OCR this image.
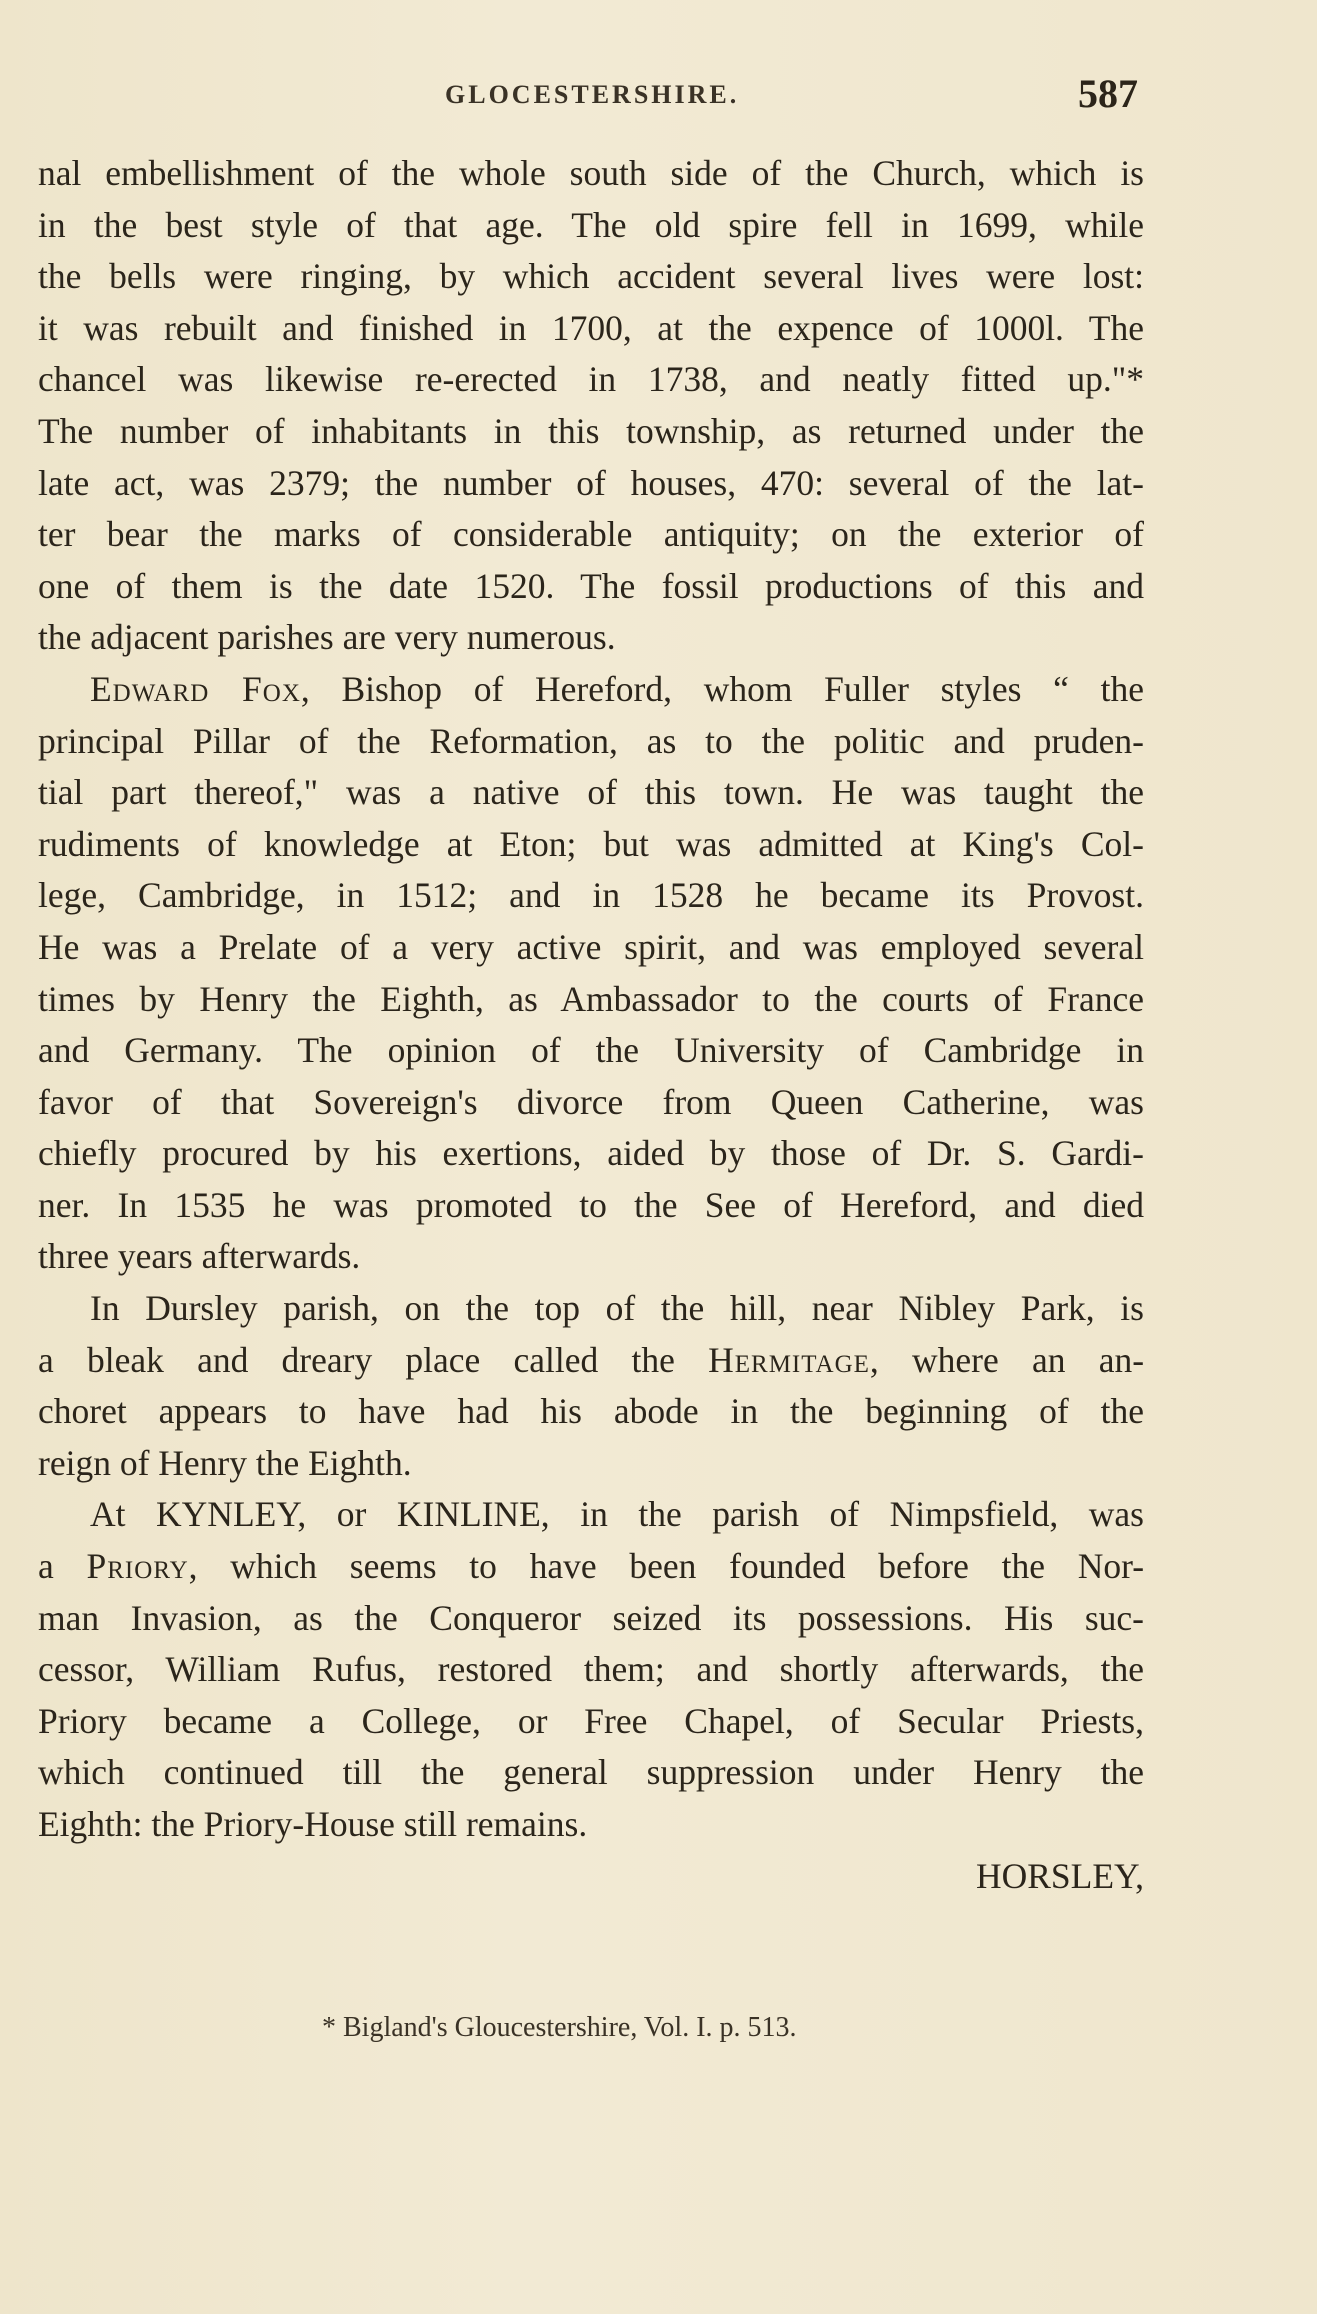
GLOCESTERSHIRE.	587
nal embellishment of the whole south side of the Church, which is
in the best style of that age. The old spire fell in 1699, while
the bells were ringing, by which accident several lives were lost:
it was rebuilt and finished in 1700, at the expence of 1000l. The
chancel was likewise re-erected in 1738, and neatly fitted up."*
The number of inhabitants in this township, as returned under the
late act, was 2379; the number of houses, 470: several of the lat-
ter bear the marks of considerable antiquity; on the exterior of
one of them is the date 1520. The fossil productions of this and
the adjacent parishes are very numerous.
Edward Fox, Bishop of Hereford, whom Fuller styles “ the
principal Pillar of the Reformation, as to the politic and pruden-
tial part thereof," was a native of this town. He was taught the
rudiments of knowledge at Eton; but was admitted at King's Col-
lege, Cambridge, in 1512; and in 1528 he became its Provost.
He was a Prelate of a very active spirit, and was employed several
times by Henry the Eighth, as Ambassador to the courts of France
and Germany. The opinion of the University of Cambridge in
favor of that Sovereign's divorce from Queen Catherine, was
chiefly procured by his exertions, aided by those of Dr. S. Gardi-
ner. In 1535 he was promoted to the See of Hereford, and died
three years afterwards.
In Dursley parish, on the top of the hill, near Nibley Park, is
a bleak and dreary place called the Hermitage, where an an-
choret appears to have had his abode in the beginning of the
reign of Henry the Eighth.
At KYNLEY, or KINLINE, in the parish of Nimpsfield, was
a Priory, which seems to have been founded before the Nor-
man Invasion, as the Conqueror seized its possessions. His suc-
cessor, William Rufus, restored them; and shortly afterwards, the
Priory became a College, or Free Chapel, of Secular Priests,
which continued till the general suppression under Henry the
Eighth: the Priory-House still remains.
HORSLEY,
* Bigland's Gloucestershire, Vol. I. p. 513.
